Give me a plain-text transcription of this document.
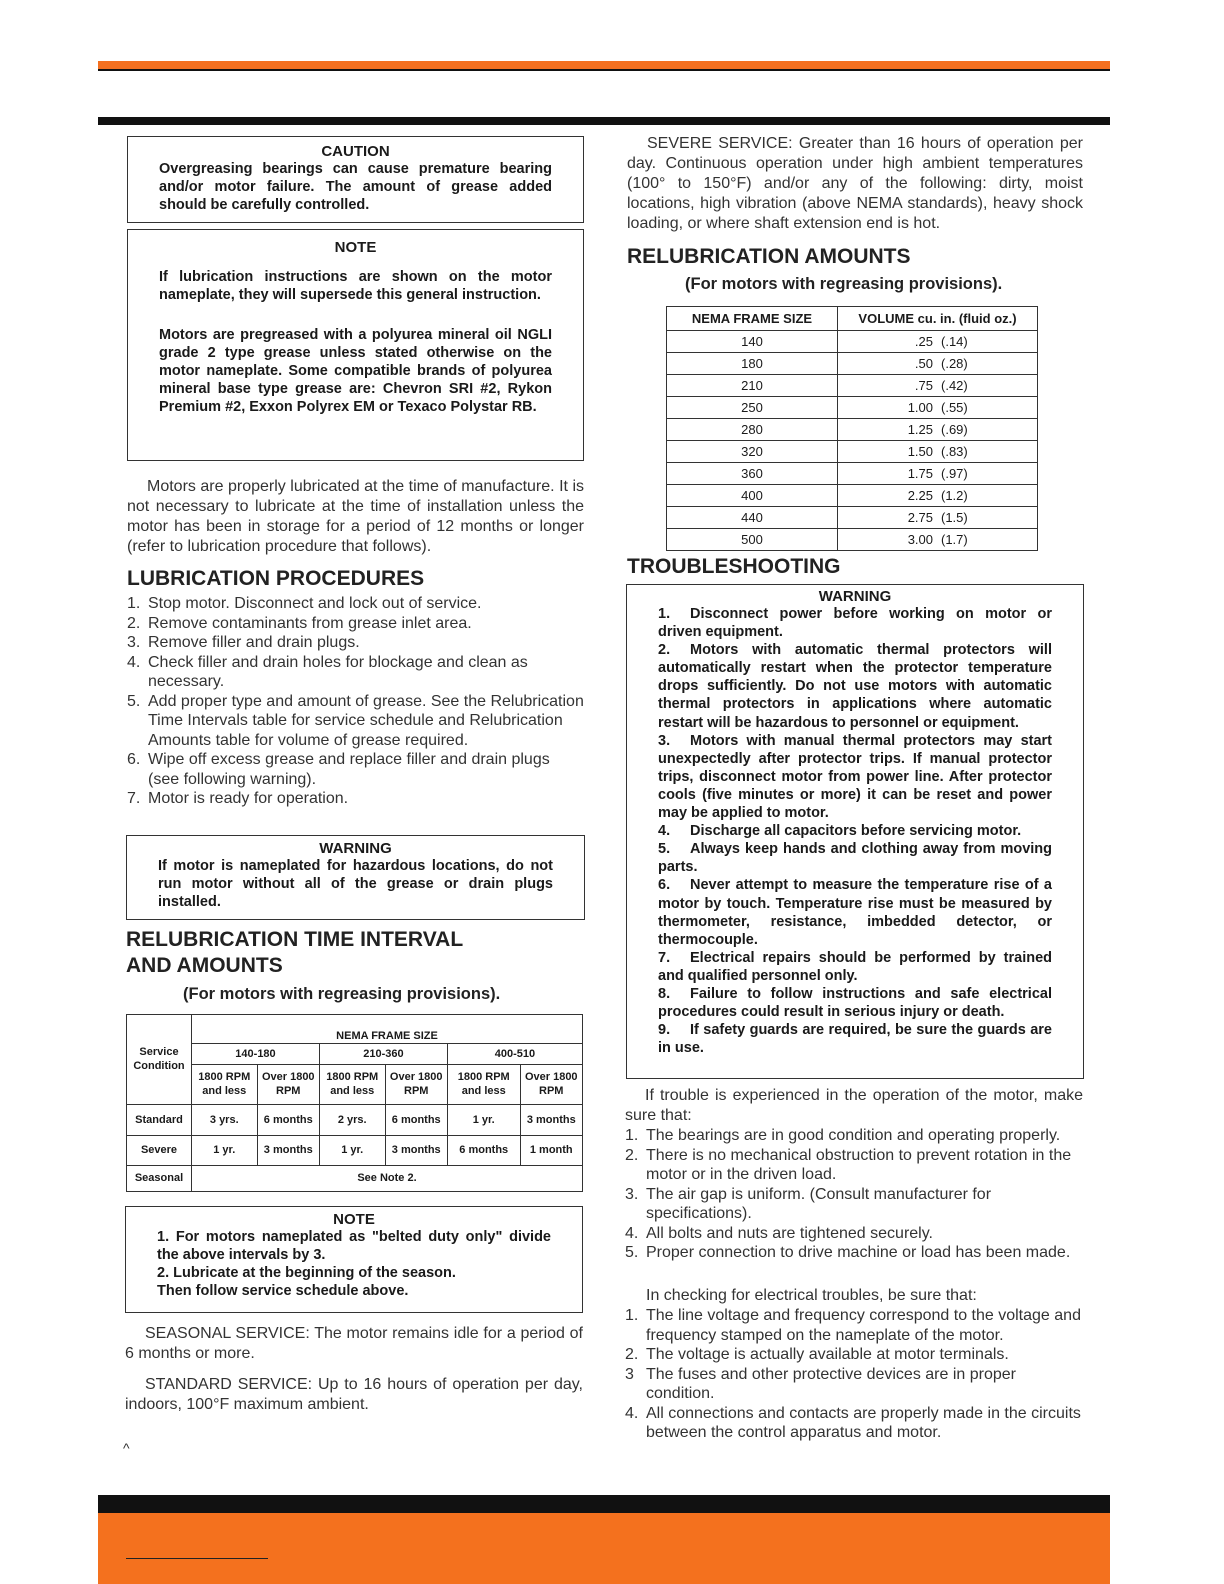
CAUTION
Overgreasing bearings can cause premature bearing and/or motor failure. The amount of grease added should be carefully controlled.
NOTE
If lubrication instructions are shown on the motor nameplate, they will supersede this general instruction.
Motors are pregreased with a polyurea mineral oil NGLI grade 2 type grease unless stated otherwise on the motor nameplate. Some compatible brands of polyurea mineral base type grease are: Chevron SRI #2, Rykon Premium #2, Exxon Polyrex EM or Texaco Polystar RB.
Motors are properly lubricated at the time of manufacture. It is not necessary to lubricate at the time of installation unless the motor has been in storage for a period of 12 months or longer (refer to lubrication procedure that follows).
LUBRICATION PROCEDURES
1. Stop motor. Disconnect and lock out of service.
2. Remove contaminants from grease inlet area.
3. Remove filler and drain plugs.
4. Check filler and drain holes for blockage and clean as necessary.
5. Add proper type and amount of grease. See the Relubrication Time Intervals table for service schedule and Relubrication Amounts table for volume of grease required.
6. Wipe off excess grease and replace filler and drain plugs (see following warning).
7. Motor is ready for operation.
WARNING
If motor is nameplated for hazardous locations, do not run motor without all of the grease or drain plugs installed.
RELUBRICATION TIME INTERVAL
AND AMOUNTS
(For motors with regreasing provisions).
Service Condition	NEMA FRAME SIZE					
	140-180		210-360		400-510	
	1800 RPM and less	Over 1800 RPM	1800 RPM and less	Over 1800 RPM	1800 RPM and less	Over 1800 RPM
Standard	3 yrs.	6 months	2 yrs.	6 months	1 yr.	3 months
Severe	1 yr.	3 months	1 yr.	3 months	6 months	1 month
Seasonal	See Note 2.					
NOTE
1. For motors nameplated as "belted duty only" divide the above intervals by 3.
2. Lubricate at the beginning of the season.
Then follow service schedule above.
SEASONAL SERVICE: The motor remains idle for a period of 6 months or more.
STANDARD SERVICE: Up to 16 hours of operation per day, indoors, 100°F maximum ambient.
^
SEVERE SERVICE: Greater than 16 hours of operation per day. Continuous operation under high ambient temperatures (100° to 150°F) and/or any of the following: dirty, moist locations, high vibration (above NEMA standards), heavy shock loading, or where shaft extension end is hot.
RELUBRICATION AMOUNTS
(For motors with regreasing provisions).
NEMA FRAME SIZE	VOLUME cu. in. (fluid oz.)
140	.25 (.14)
180	.50 (.28)
210	.75 (.42)
250	1.00 (.55)
280	1.25 (.69)
320	1.50 (.83)
360	1.75 (.97)
400	2.25 (1.2)
440	2.75 (1.5)
500	3.00 (1.7)
TROUBLESHOOTING
WARNING
1. Disconnect power before working on motor or driven equipment.
2. Motors with automatic thermal protectors will automatically restart when the protector temperature drops sufficiently. Do not use motors with automatic thermal protectors in applications where automatic restart will be hazardous to personnel or equipment.
3. Motors with manual thermal protectors may start unexpectedly after protector trips. If manual protector trips, disconnect motor from power line. After protector cools (five minutes or more) it can be reset and power may be applied to motor.
4. Discharge all capacitors before servicing motor.
5. Always keep hands and clothing away from moving parts.
6. Never attempt to measure the temperature rise of a motor by touch. Temperature rise must be measured by thermometer, resistance, imbedded detector, or thermocouple.
7. Electrical repairs should be performed by trained and qualified personnel only.
8. Failure to follow instructions and safe electrical procedures could result in serious injury or death.
9. If safety guards are required, be sure the guards are in use.
If trouble is experienced in the operation of the motor, make sure that:
1. The bearings are in good condition and operating properly.
2. There is no mechanical obstruction to prevent rotation in the motor or in the driven load.
3. The air gap is uniform. (Consult manufacturer for specifications).
4. All bolts and nuts are tightened securely.
5. Proper connection to drive machine or load has been made.
In checking for electrical troubles, be sure that:
1. The line voltage and frequency correspond to the voltage and frequency stamped on the nameplate of the motor.
2. The voltage is actually available at motor terminals.
3 The fuses and other protective devices are in proper condition.
4. All connections and contacts are properly made in the circuits between the control apparatus and motor.
